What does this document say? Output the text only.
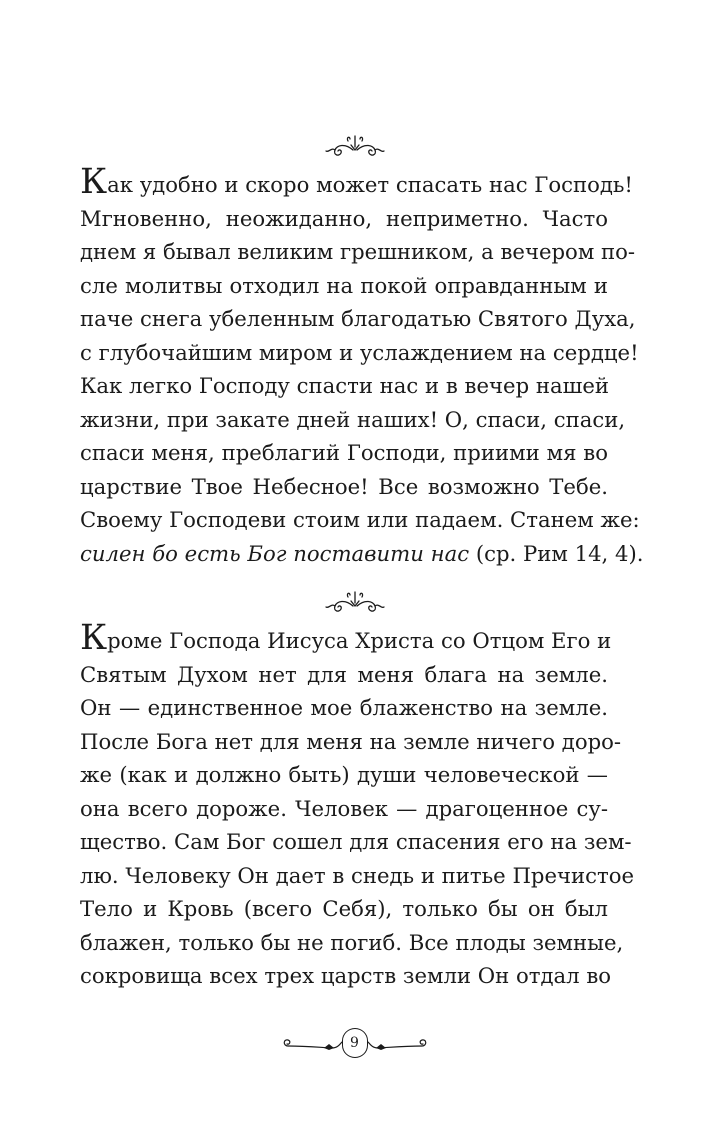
Как удобно и скоро может спасать нас Господь!
Мгновенно, неожиданно, неприметно. Часто
днем я бывал великим грешником, а вечером по-
сле молитвы отходил на покой оправданным и
паче снега убеленным благодатью Святого Духа,
с глубочайшим миром и услаждением на сердце!
Как легко Господу спасти нас и в вечер нашей
жизни, при закате дней наших! О, спаси, спаси,
спаси меня, преблагий Господи, приими мя во
царствие Твое Небесное! Все возможно Тебе.
Своему Господеви стоим или падаем. Станем же:
силен бо есть Бог поставити нас (ср. Рим 14, 4).
Кроме Господа Иисуса Христа со Отцом Его и
Святым Духом нет для меня блага на земле.
Он — единственное мое блаженство на земле.
После Бога нет для меня на земле ничего доро-
же (как и должно быть) души человеческой —
она всего дороже. Человек — драгоценное су-
щество. Сам Бог сошел для спасения его на зем-
лю. Человеку Он дает в снедь и питье Пречистое
Тело и Кровь (всего Себя), только бы он был
блажен, только бы не погиб. Все плоды земные,
сокровища всех трех царств земли Он отдал во
9
